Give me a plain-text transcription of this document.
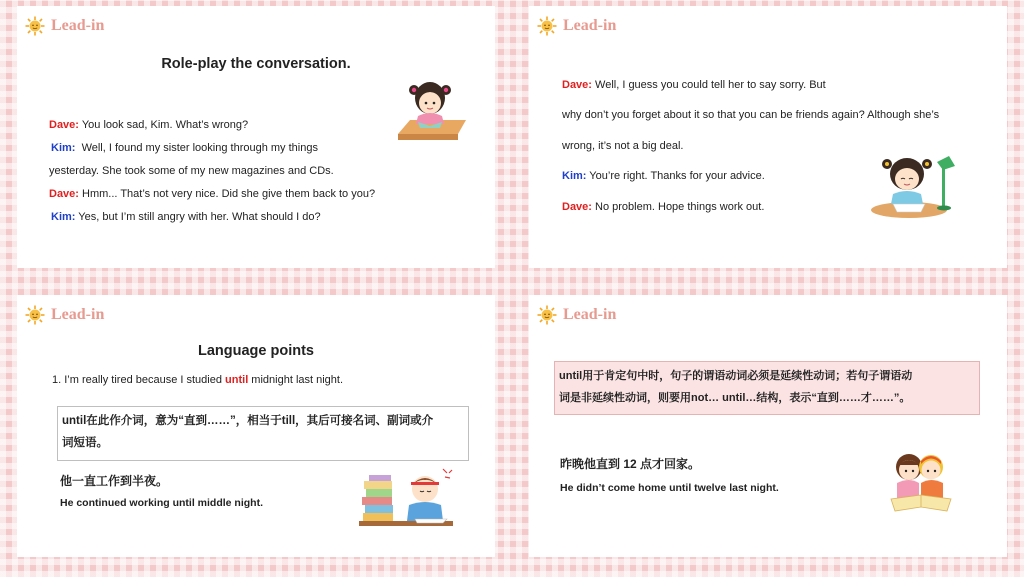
Lead-in
Role-play the conversation.
Dave: You look sad, Kim. What’s wrong?
Kim:  Well, I found my sister looking through my things
yesterday. She took some of my new magazines and CDs.
Dave: Hmm... That’s not very nice. Did she give them back to you?
Kim: Yes, but I’m still angry with her. What should I do?
Lead-in
Dave: Well, I guess you could tell her to say sorry. But
why don’t you forget about it so that you can be friends again? Although she’s
wrong, it’s not a big deal.
Kim: You’re right. Thanks for your advice.
Dave: No problem. Hope things work out.
Lead-in
Language points
1. I’m really tired because I studied until midnight last night.
until在此作介词，意为“直到……”，相当于till，其后可接名词、副词或介
词短语。
他一直工作到半夜。
He continued working until middle night.
Lead-in
until用于肯定句中时，句子的谓语动词必须是延续性动词；若句子谓语动
词是非延续性动词，则要用not… until…结构，表示“直到……才……”。
昨晚他直到 12 点才回家。
He didn’t come home until twelve last night.
